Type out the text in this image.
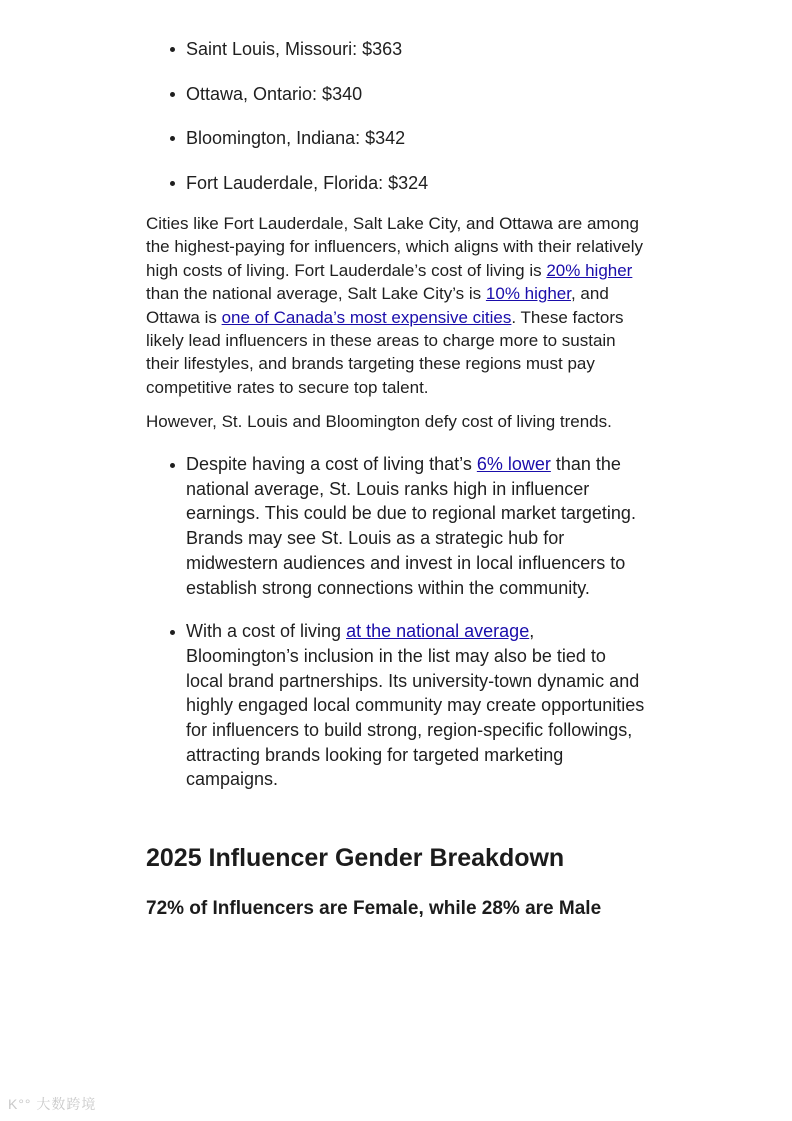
Saint Louis, Missouri: $363
Ottawa, Ontario: $340
Bloomington, Indiana: $342
Fort Lauderdale, Florida: $324

Cities like Fort Lauderdale, Salt Lake City, and Ottawa are among the highest-paying for influencers, which aligns with their relatively high costs of living. Fort Lauderdale’s cost of living is 20% higher than the national average, Salt Lake City’s is 10% higher, and Ottawa is one of Canada’s most expensive cities. These factors likely lead influencers in these areas to charge more to sustain their lifestyles, and brands targeting these regions must pay competitive rates to secure top talent.

However, St. Louis and Bloomington defy cost of living trends.

Despite having a cost of living that’s 6% lower than the national average, St. Louis ranks high in influencer earnings. This could be due to regional market targeting. Brands may see St. Louis as a strategic hub for midwestern audiences and invest in local influencers to establish strong connections within the community.
With a cost of living at the national average, Bloomington’s inclusion in the list may also be tied to local brand partnerships. Its university-town dynamic and highly engaged local community may create opportunities for influencers to build strong, region-specific followings, attracting brands looking for targeted marketing campaigns.
2025 Influencer Gender Breakdown
72% of Influencers are Female, while 28% are Male
K°° 大数跨境
